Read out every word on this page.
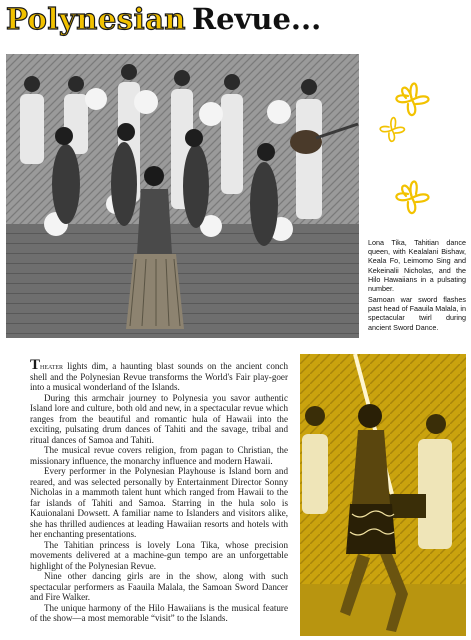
Polynesian Revue...
Lona Tika, Tahitian dance queen, with Kealalani Bishaw, Keala Fo, Leimomo Sing and Kekeinalii Nicholas, and the Hilo Hawaiians in a pulsating number.
Samoan war sword flashes past head of Faauila Malala, in spectacular twirl during ancient Sword Dance.

Theater lights dim, a haunting blast sounds on the ancient conch shell and the Polynesian Revue transforms the World's Fair play-goer into a musical wonderland of the Islands.

During this armchair journey to Polynesia you savor authentic Island lore and culture, both old and new, in a spectacular revue which ranges from the beautiful and romantic hula of Hawaii into the exciting, pulsating drum dances of Tahiti and the savage, tribal and ritual dances of Samoa and Tahiti.

The musical revue covers religion, from pagan to Christian, the missionary influence, the monarchy influence and modern Hawaii.

Every performer in the Polynesian Playhouse is Island born and reared, and was selected personally by Entertainment Director Sonny Nicholas in a mammoth talent hunt which ranged from Hawaii to the far islands of Tahiti and Samoa. Starring in the hula solo is Kauionalani Dowsett. A familiar name to Islanders and visitors alike, she has thrilled audiences at leading Hawaiian resorts and hotels with her enchanting presentations.

The Tahitian princess is lovely Lona Tika, whose precision movements delivered at a machine-gun tempo are an unforgettable highlight of the Polynesian Revue.

Nine other dancing girls are in the show, along with such spectacular performers as Faauila Malala, the Samoan Sword Dancer and Fire Walker.

The unique harmony of the Hilo Hawaiians is the musical feature of the show—a most memorable “visit” to the Islands.
